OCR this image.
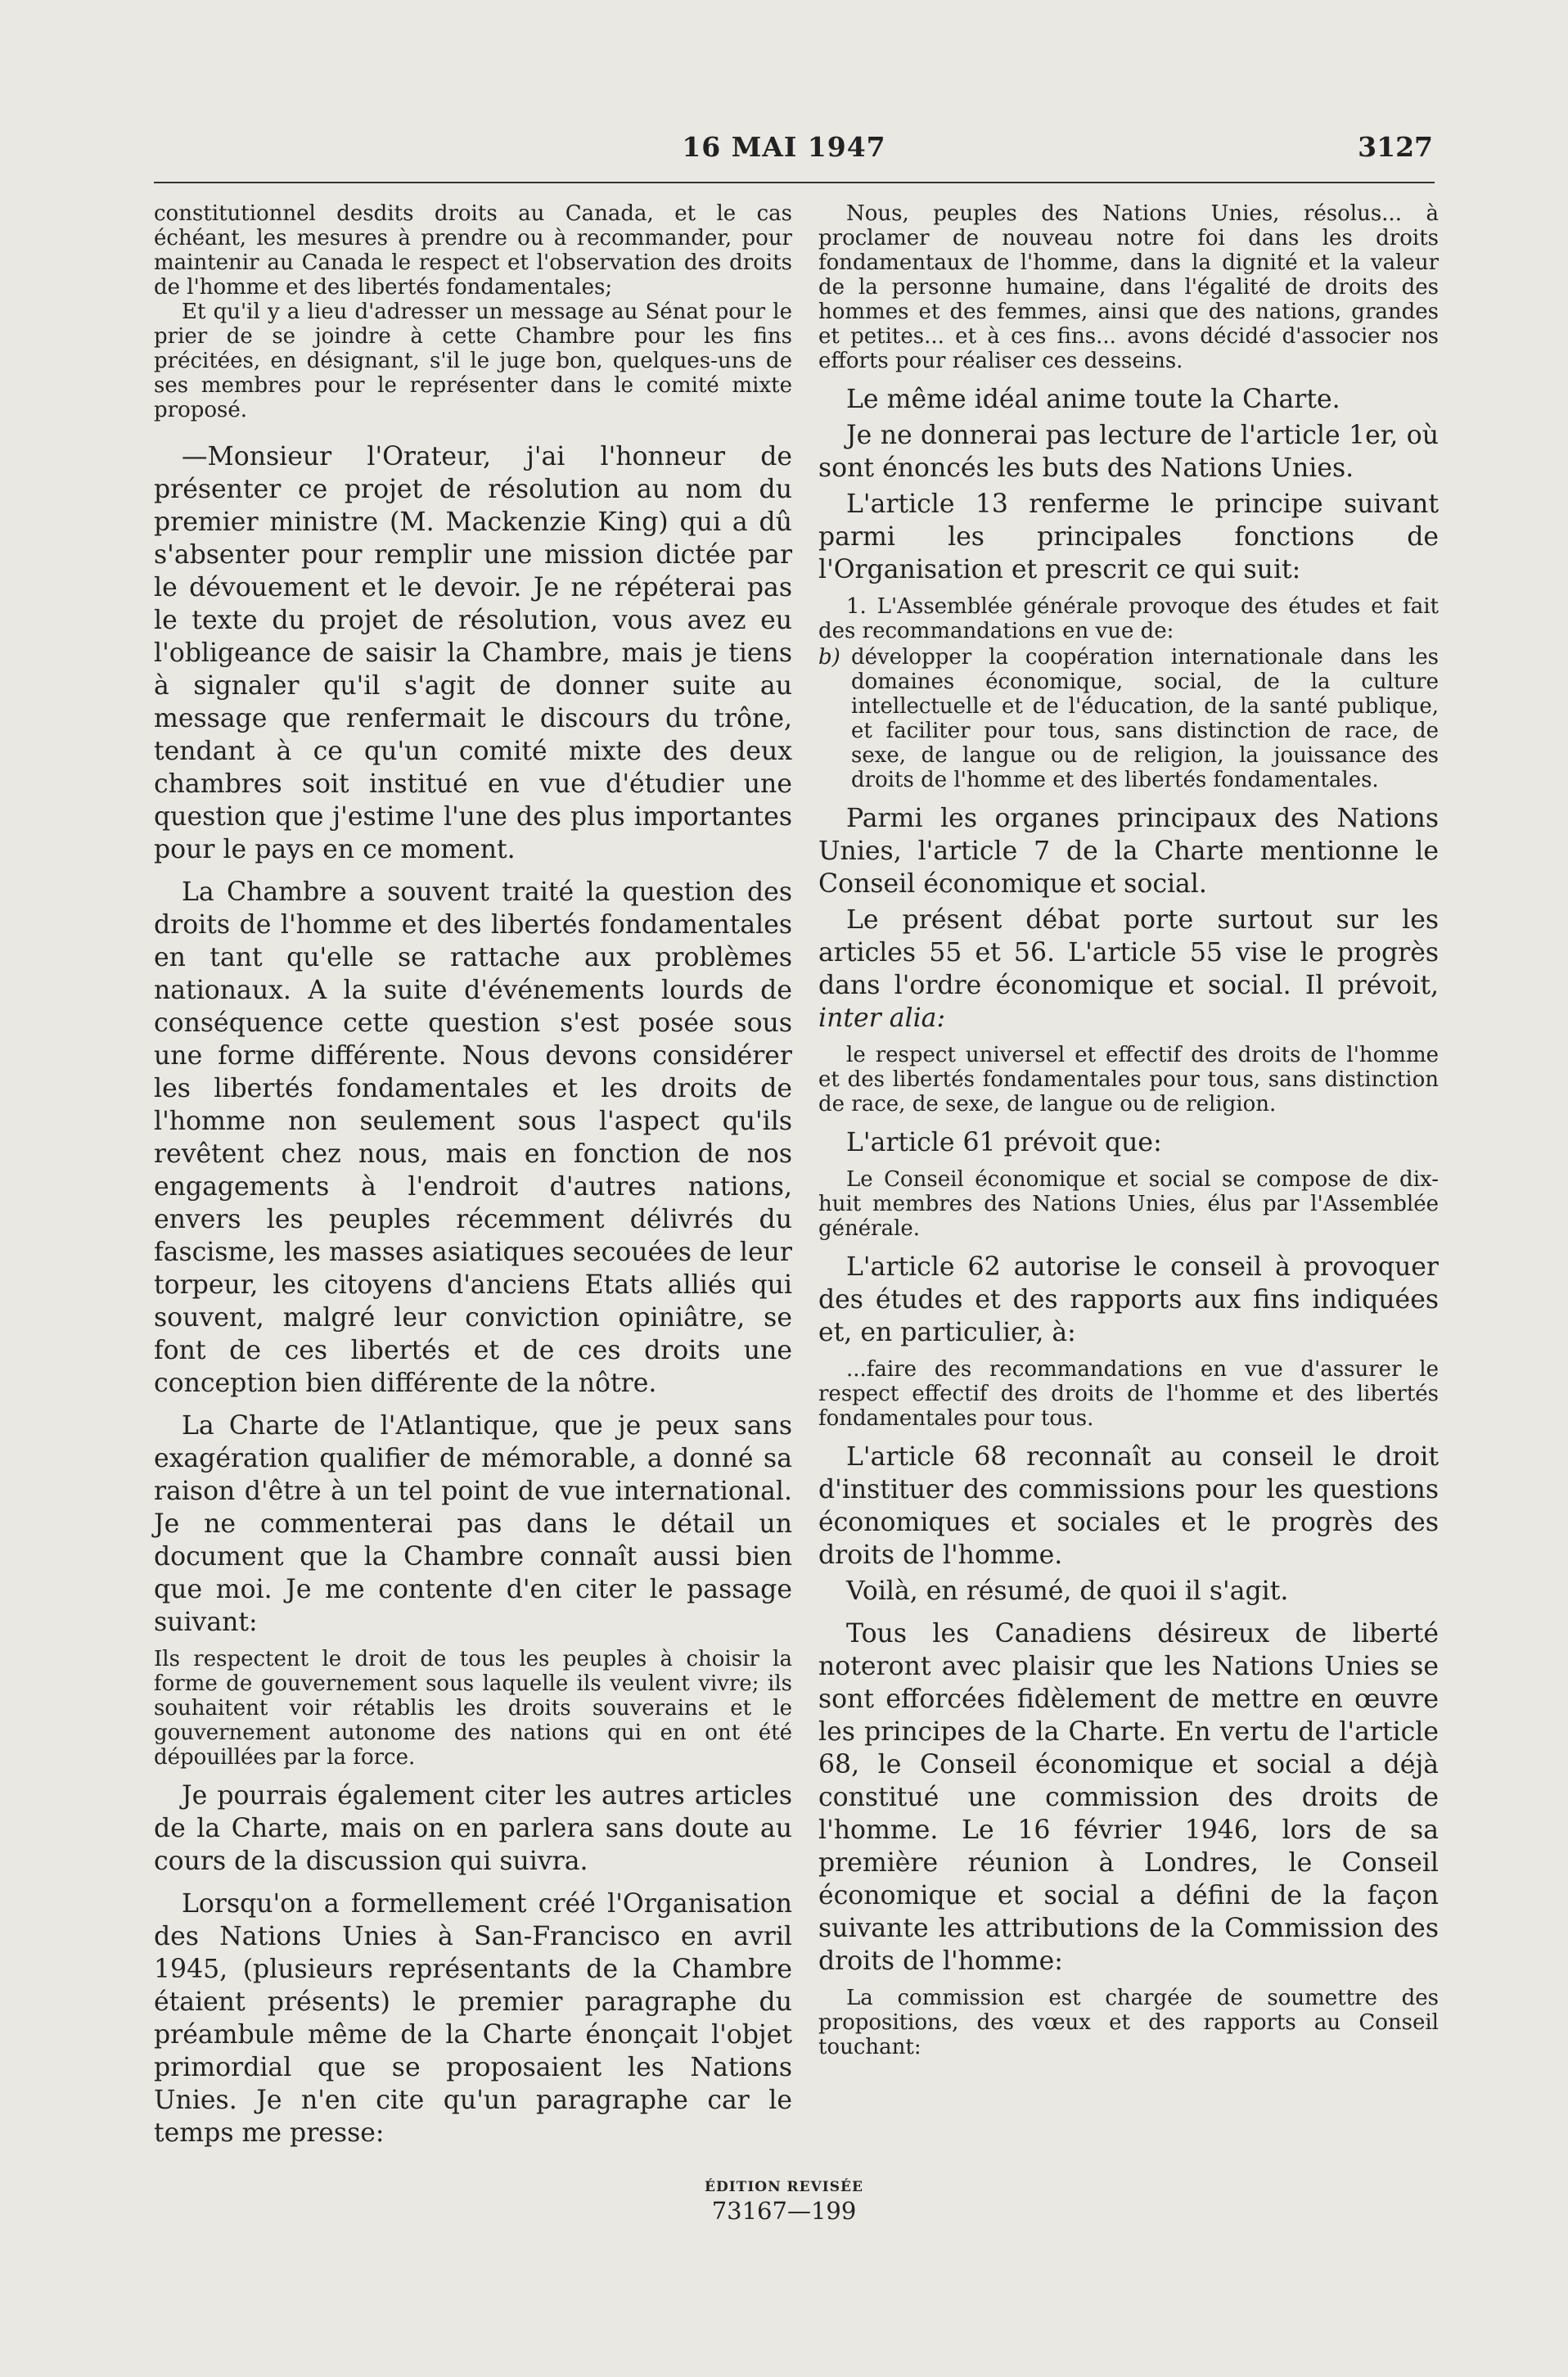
16 MAI 1947	3127

constitutionnel desdits droits au Canada, et le cas échéant, les mesures à prendre ou à recommander, pour maintenir au Canada le respect et l'observation des droits de l'homme et des libertés fondamentales;

Et qu'il y a lieu d'adresser un message au Sénat pour le prier de se joindre à cette Chambre pour les fins précitées, en désignant, s'il le juge bon, quelques-uns de ses membres pour le représenter dans le comité mixte proposé.

—Monsieur l'Orateur, j'ai l'honneur de présenter ce projet de résolution au nom du premier ministre (M. Mackenzie King) qui a dû s'absenter pour remplir une mission dictée par le dévouement et le devoir. Je ne répéterai pas le texte du projet de résolution, vous avez eu l'obligeance de saisir la Chambre, mais je tiens à signaler qu'il s'agit de donner suite au message que renfermait le discours du trône, tendant à ce qu'un comité mixte des deux chambres soit institué en vue d'étudier une question que j'estime l'une des plus importantes pour le pays en ce moment.

La Chambre a souvent traité la question des droits de l'homme et des libertés fondamentales en tant qu'elle se rattache aux problèmes nationaux. A la suite d'événements lourds de conséquence cette question s'est posée sous une forme différente. Nous devons considérer les libertés fondamentales et les droits de l'homme non seulement sous l'aspect qu'ils revêtent chez nous, mais en fonction de nos engagements à l'endroit d'autres nations, envers les peuples récemment délivrés du fascisme, les masses asiatiques secouées de leur torpeur, les citoyens d'anciens Etats alliés qui souvent, malgré leur conviction opiniâtre, se font de ces libertés et de ces droits une conception bien différente de la nôtre.

La Charte de l'Atlantique, que je peux sans exagération qualifier de mémorable, a donné sa raison d'être à un tel point de vue international. Je ne commenterai pas dans le détail un document que la Chambre connaît aussi bien que moi. Je me contente d'en citer le passage suivant:

Ils respectent le droit de tous les peuples à choisir la forme de gouvernement sous laquelle ils veulent vivre; ils souhaitent voir rétablis les droits souverains et le gouvernement autonome des nations qui en ont été dépouillées par la force.

Je pourrais également citer les autres articles de la Charte, mais on en parlera sans doute au cours de la discussion qui suivra.

Lorsqu'on a formellement créé l'Organisation des Nations Unies à San-Francisco en avril 1945, (plusieurs représentants de la Chambre étaient présents) le premier paragraphe du préambule même de la Charte énonçait l'objet primordial que se proposaient les Nations Unies. Je n'en cite qu'un paragraphe car le temps me presse:

Nous, peuples des Nations Unies, résolus... à proclamer de nouveau notre foi dans les droits fondamentaux de l'homme, dans la dignité et la valeur de la personne humaine, dans l'égalité de droits des hommes et des femmes, ainsi que des nations, grandes et petites... et à ces fins... avons décidé d'associer nos efforts pour réaliser ces desseins.

Le même idéal anime toute la Charte.

Je ne donnerai pas lecture de l'article 1er, où sont énoncés les buts des Nations Unies.

L'article 13 renferme le principe suivant parmi les principales fonctions de l'Organisation et prescrit ce qui suit:

1. L'Assemblée générale provoque des études et fait des recommandations en vue de:

b) développer la coopération internationale dans les domaines économique, social, de la culture intellectuelle et de l'éducation, de la santé publique, et faciliter pour tous, sans distinction de race, de sexe, de langue ou de religion, la jouissance des droits de l'homme et des libertés fondamentales.

Parmi les organes principaux des Nations Unies, l'article 7 de la Charte mentionne le Conseil économique et social.

Le présent débat porte surtout sur les articles 55 et 56. L'article 55 vise le progrès dans l'ordre économique et social. Il prévoit, inter alia:

le respect universel et effectif des droits de l'homme et des libertés fondamentales pour tous, sans distinction de race, de sexe, de langue ou de religion.

L'article 61 prévoit que:

Le Conseil économique et social se compose de dix-huit membres des Nations Unies, élus par l'Assemblée générale.

L'article 62 autorise le conseil à provoquer des études et des rapports aux fins indiquées et, en particulier, à:

...faire des recommandations en vue d'assurer le respect effectif des droits de l'homme et des libertés fondamentales pour tous.

L'article 68 reconnaît au conseil le droit d'instituer des commissions pour les questions économiques et sociales et le progrès des droits de l'homme.

Voilà, en résumé, de quoi il s'agit.

Tous les Canadiens désireux de liberté noteront avec plaisir que les Nations Unies se sont efforcées fidèlement de mettre en œuvre les principes de la Charte. En vertu de l'article 68, le Conseil économique et social a déjà constitué une commission des droits de l'homme. Le 16 février 1946, lors de sa première réunion à Londres, le Conseil économique et social a défini de la façon suivante les attributions de la Commission des droits de l'homme:

La commission est chargée de soumettre des propositions, des vœux et des rapports au Conseil touchant:

ÉDITION REVISÉE
73167—199
